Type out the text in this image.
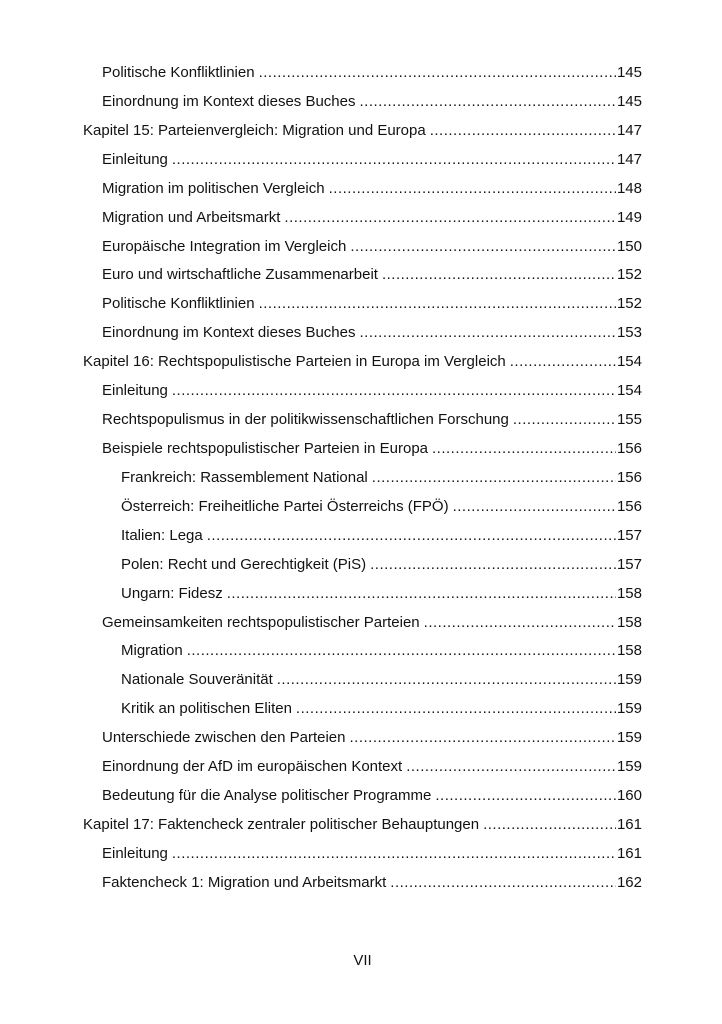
Politische Konfliktlinien .....	145
Einordnung im Kontext dieses Buches .....	145
Kapitel 15: Parteienvergleich: Migration und Europa .....	147
Einleitung .....	147
Migration im politischen Vergleich .....	148
Migration und Arbeitsmarkt .....	149
Europäische Integration im Vergleich .....	150
Euro und wirtschaftliche Zusammenarbeit .....	152
Politische Konfliktlinien .....	152
Einordnung im Kontext dieses Buches .....	153
Kapitel 16: Rechtspopulistische Parteien in Europa im Vergleich .....	154
Einleitung .....	154
Rechtspopulismus in der politikwissenschaftlichen Forschung .....	155
Beispiele rechtspopulistischer Parteien in Europa .....	156
Frankreich: Rassemblement National .....	156
Österreich: Freiheitliche Partei Österreichs (FPÖ) .....	156
Italien: Lega .....	157
Polen: Recht und Gerechtigkeit (PiS) .....	157
Ungarn: Fidesz .....	158
Gemeinsamkeiten rechtspopulistischer Parteien .....	158
Migration .....	158
Nationale Souveränität .....	159
Kritik an politischen Eliten .....	159
Unterschiede zwischen den Parteien .....	159
Einordnung der AfD im europäischen Kontext .....	159
Bedeutung für die Analyse politischer Programme .....	160
Kapitel 17: Faktencheck zentraler politischer Behauptungen .....	161
Einleitung .....	161
Faktencheck 1: Migration und Arbeitsmarkt .....	162
VII
